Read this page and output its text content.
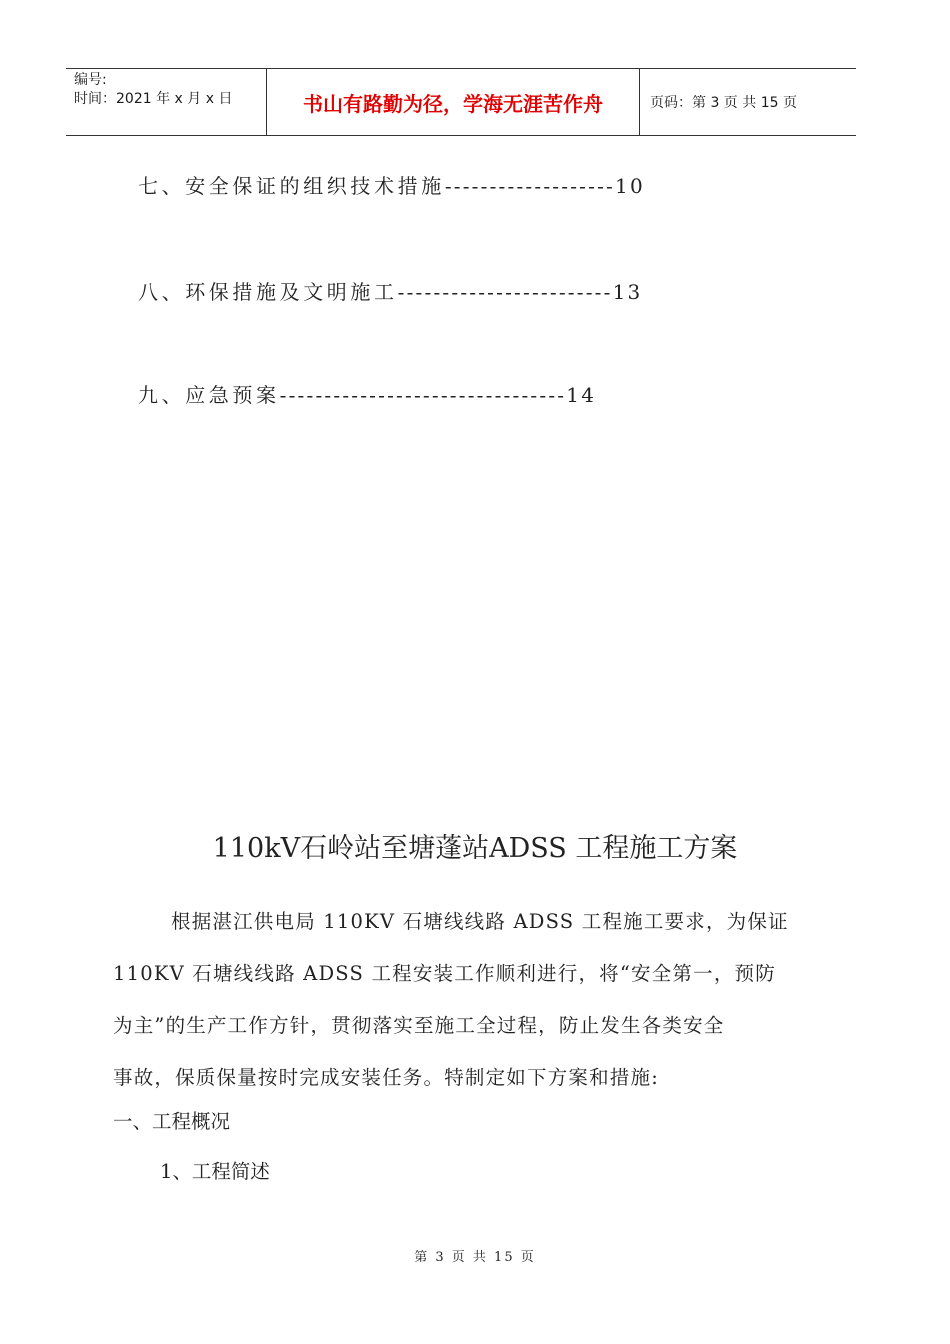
编号:
时间：2021 年 x 月 x 日	书山有路勤为径，学海无涯苦作舟	页码：第 3 页 共 15 页
七、安全保证的组织技术措施-------------------10
八、环保措施及文明施工------------------------13
九、应急预案--------------------------------14
110kV石岭站至塘蓬站ADSS 工程施工方案
根据湛江供电局 110KV 石塘线线路 ADSS 工程施工要求，为保证
110KV 石塘线线路 ADSS 工程安装工作顺利进行，将“安全第一，预防
为主”的生产工作方针，贯彻落实至施工全过程，防止发生各类安全
事故，保质保量按时完成安装任务。特制定如下方案和措施:
一、工程概况
1、工程简述
第 3 页 共 15 页
